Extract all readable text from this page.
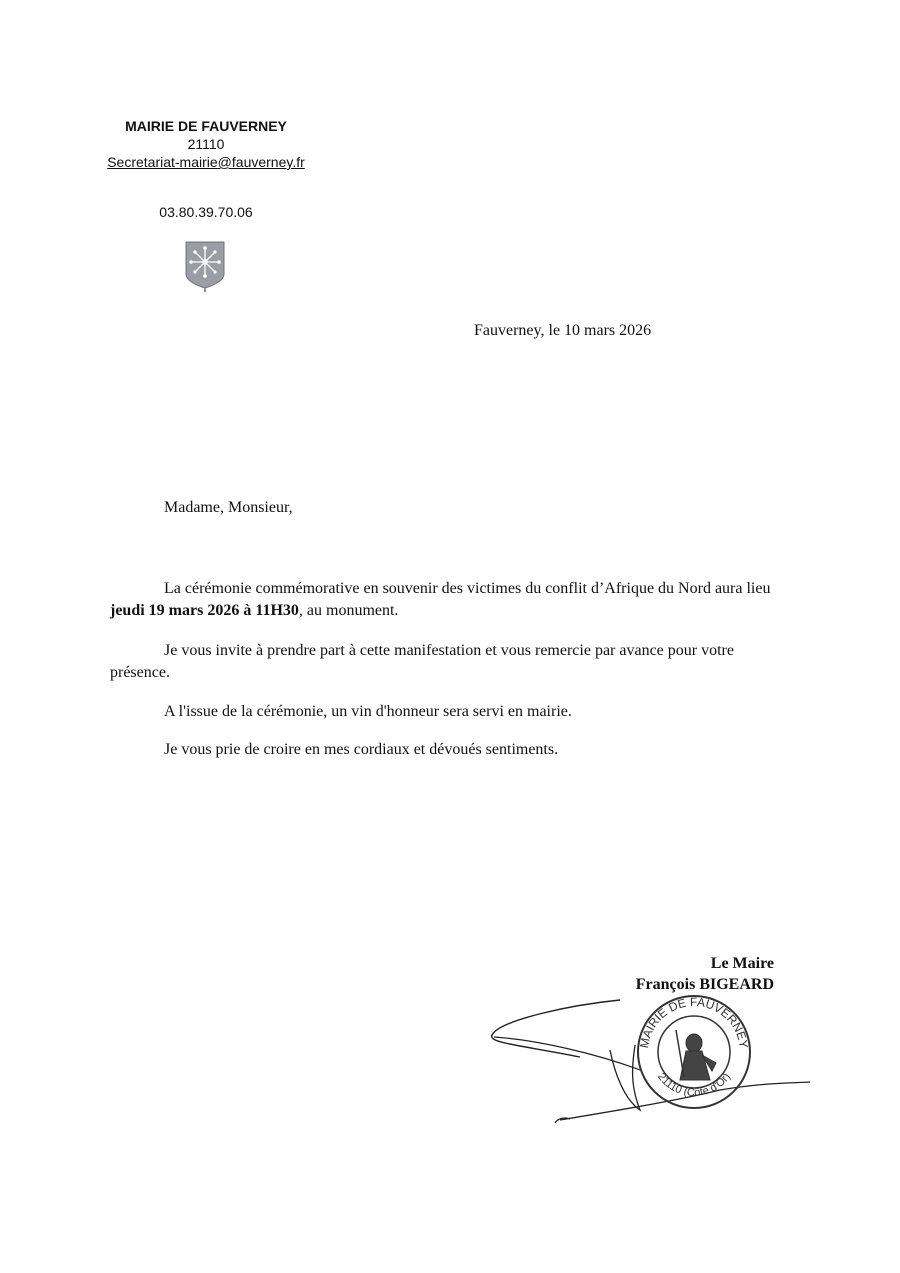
MAIRIE DE FAUVERNEY
21110
Secretariat-mairie@fauverney.fr
03.80.39.70.06
Fauverney, le 10 mars 2026
Madame, Monsieur,

La cérémonie commémorative en souvenir des victimes du conflit d’Afrique du Nord aura lieu jeudi 19 mars 2026 à 11H30, au monument.

Je vous invite à prendre part à cette manifestation et vous remercie par avance pour votre présence.

A l'issue de la cérémonie, un vin d'honneur sera servi en mairie.

Je vous prie de croire en mes cordiaux et dévoués sentiments.

Le Maire
François BIGEARD
MAIRIE DE FAUVERNEY
21110 (Côte d'Or)
